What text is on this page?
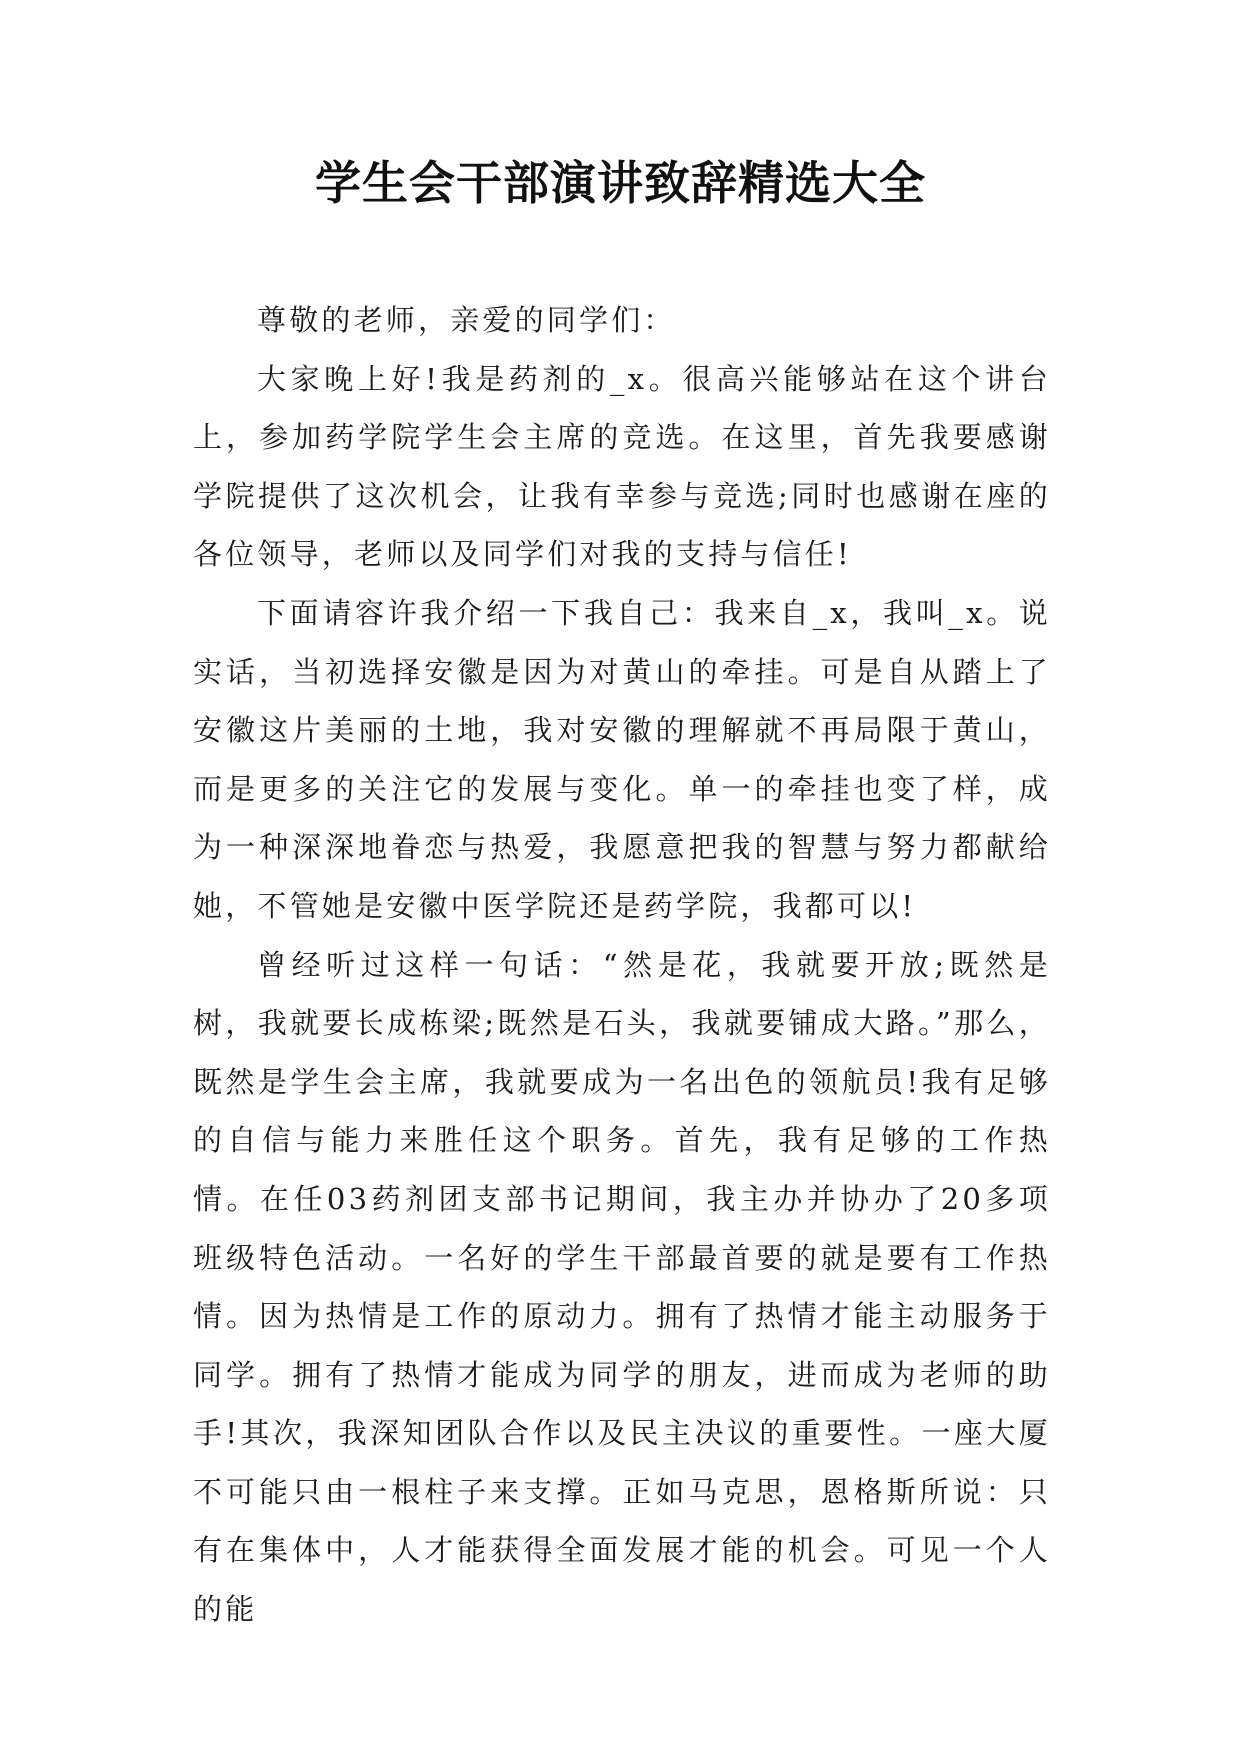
学生会干部演讲致辞精选大全

尊敬的老师，亲爱的同学们：

大家晚上好!我是药剂的_x。很高兴能够站在这个讲台上，参加药学院学生会主席的竞选。在这里，首先我要感谢学院提供了这次机会，让我有幸参与竞选;同时也感谢在座的各位领导，老师以及同学们对我的支持与信任!

下面请容许我介绍一下我自己：我来自_x，我叫_x。说实话，当初选择安徽是因为对黄山的牵挂。可是自从踏上了安徽这片美丽的土地，我对安徽的理解就不再局限于黄山，而是更多的关注它的发展与变化。单一的牵挂也变了样，成为一种深深地眷恋与热爱，我愿意把我的智慧与努力都献给她，不管她是安徽中医学院还是药学院，我都可以!

曾经听过这样一句话：“然是花，我就要开放;既然是树，我就要长成栋梁;既然是石头，我就要铺成大路。”那么，既然是学生会主席，我就要成为一名出色的领航员!我有足够的自信与能力来胜任这个职务。首先，我有足够的工作热情。在任03药剂团支部书记期间，我主办并协办了20多项班级特色活动。一名好的学生干部最首要的就是要有工作热情。因为热情是工作的原动力。拥有了热情才能主动服务于同学。拥有了热情才能成为同学的朋友，进而成为老师的助手!其次，我深知团队合作以及民主决议的重要性。一座大厦不可能只由一根柱子来支撑。正如马克思，恩格斯所说：只有在集体中，人才能获得全面发展才能的机会。可见一个人的能
